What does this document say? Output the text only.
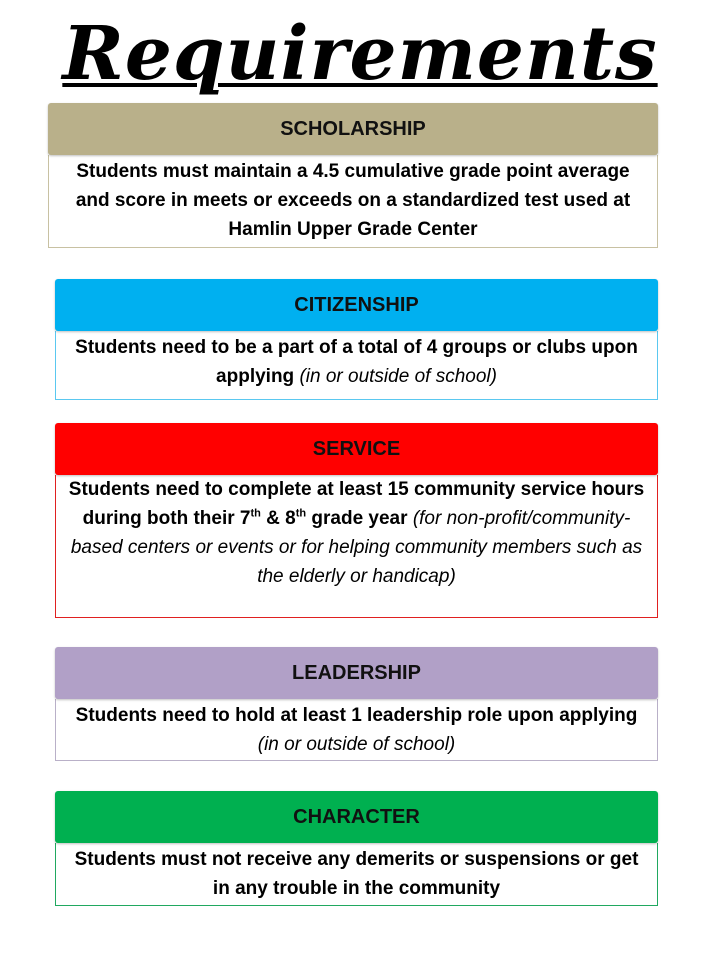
Requirements
SCHOLARSHIP
Students must maintain a 4.5 cumulative grade point average and score in meets or exceeds on a standardized test used at Hamlin Upper Grade Center
CITIZENSHIP
Students need to be a part of a total of 4 groups or clubs upon applying (in or outside of school)
SERVICE
Students need to complete at least 15 community service hours during both their 7th & 8th grade year (for non-profit/community-based centers or events or for helping community members such as the elderly or handicap)
LEADERSHIP
Students need to hold at least 1 leadership role upon applying (in or outside of school)
CHARACTER
Students must not receive any demerits or suspensions or get in any trouble in the community
